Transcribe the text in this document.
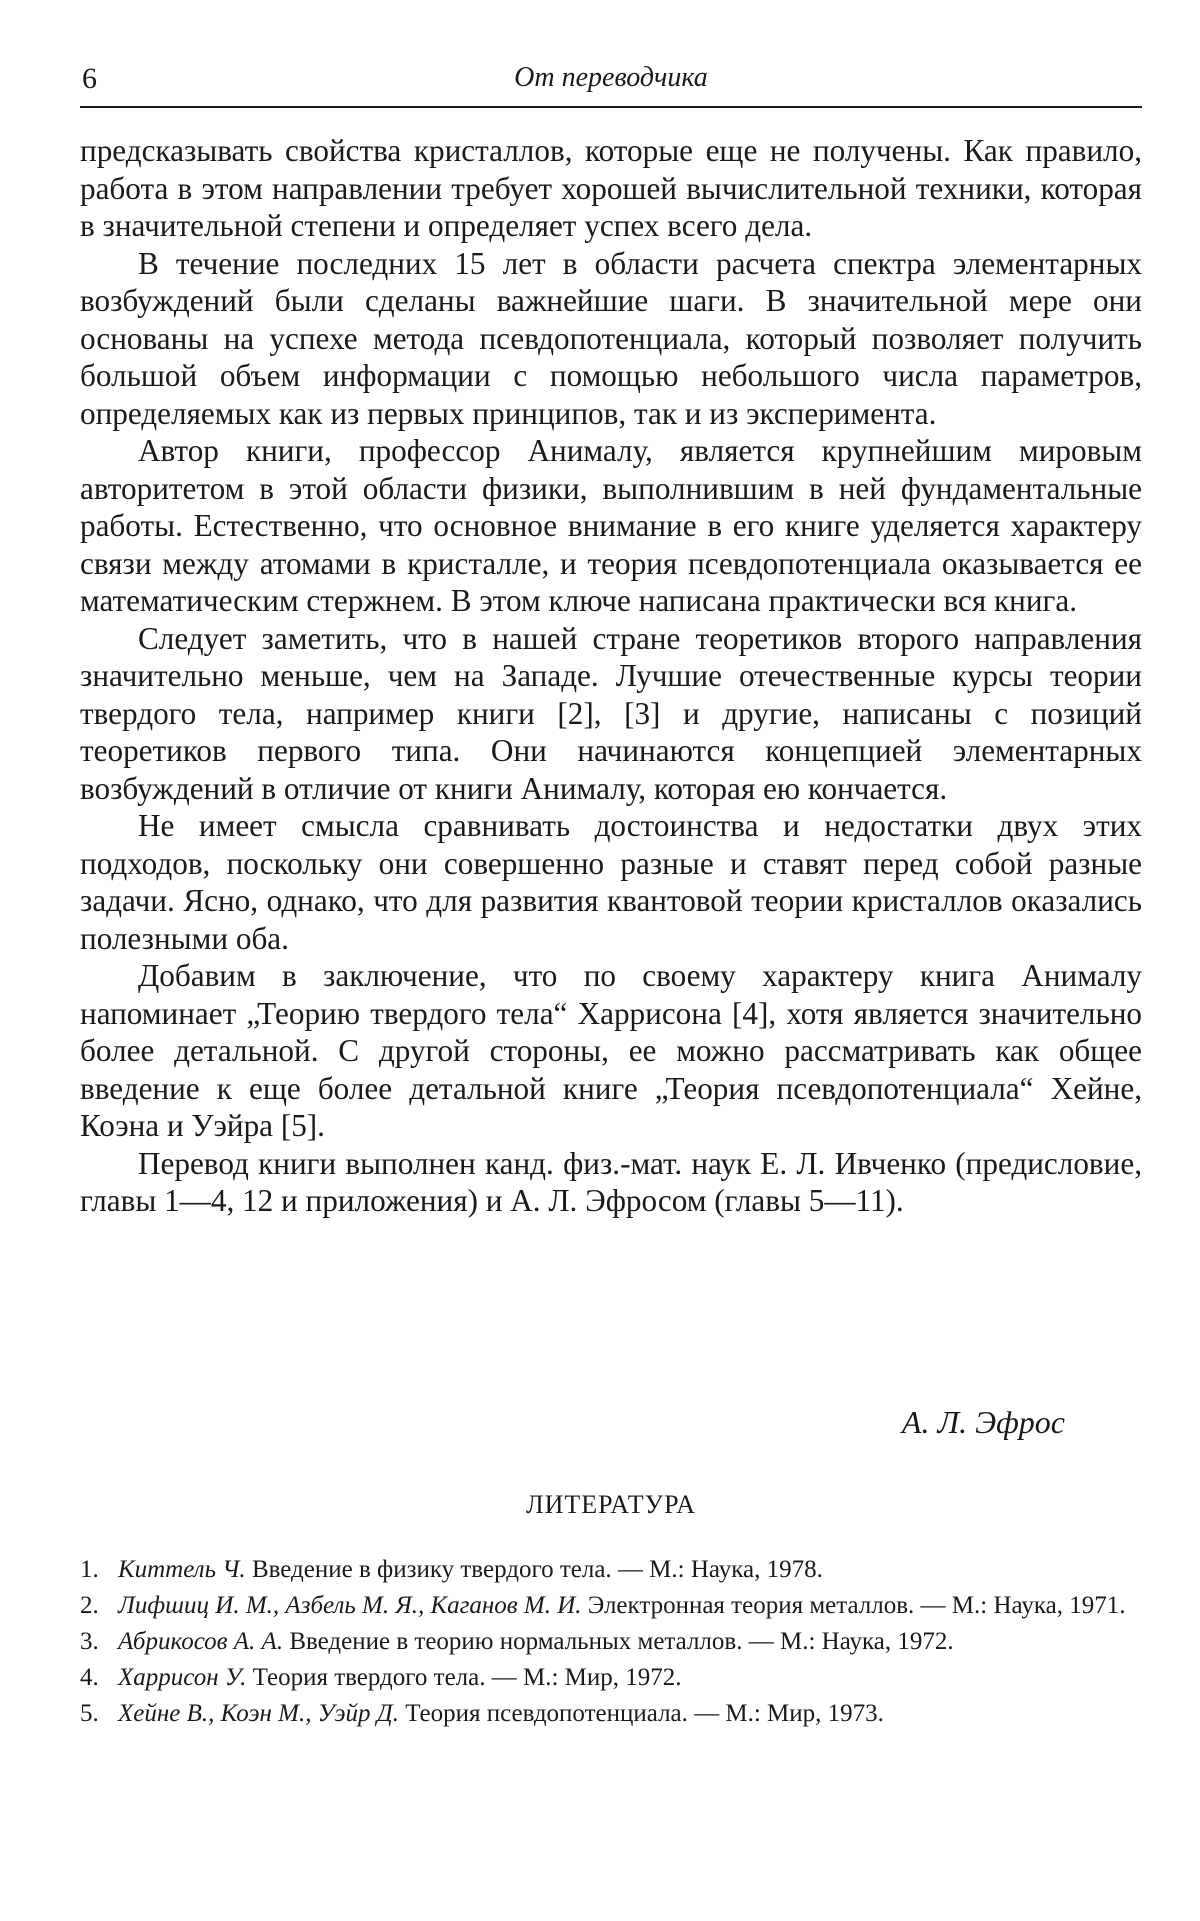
6	От переводчика

предсказывать свойства кристаллов, которые еще не получены. Как правило, работа в этом направлении требует хорошей вычислительной техники, которая в значительной степени и определяет успех всего дела.

В течение последних 15 лет в области расчета спектра элементарных возбуждений были сделаны важнейшие шаги. В значительной мере они основаны на успехе метода псевдопотенциала, который позволяет получить большой объем информации с помощью небольшого числа параметров, определяемых как из первых принципов, так и из эксперимента.

Автор книги, профессор Анималу, является крупнейшим мировым авторитетом в этой области физики, выполнившим в ней фундаментальные работы. Естественно, что основное внимание в его книге уделяется характеру связи между атомами в кристалле, и теория псевдопотенциала оказывается ее математическим стержнем. В этом ключе написана практически вся книга.

Следует заметить, что в нашей стране теоретиков второго направления значительно меньше, чем на Западе. Лучшие отечественные курсы теории твердого тела, например книги [2], [3] и другие, написаны с позиций теоретиков первого типа. Они начинаются концепцией элементарных возбуждений в отличие от книги Анималу, которая ею кончается.

Не имеет смысла сравнивать достоинства и недостатки двух этих подходов, поскольку они совершенно разные и ставят перед собой разные задачи. Ясно, однако, что для развития квантовой теории кристаллов оказались полезными оба.

Добавим в заключение, что по своему характеру книга Анималу напоминает „Теорию твердого тела“ Харрисона [4], хотя является значительно более детальной. С другой стороны, ее можно рассматривать как общее введение к еще более детальной книге „Теория псевдопотенциала“ Хейне, Коэна и Уэйра [5].

Перевод книги выполнен канд. физ.-мат. наук Е. Л. Ивченко (предисловие, главы 1—4, 12 и приложения) и А. Л. Эфросом (главы 5—11).

А. Л. Эфрос
ЛИТЕРАТУРА
1. Киттель Ч. Введение в физику твердого тела. — М.: Наука, 1978.
2. Лифшиц И. М., Азбель М. Я., Каганов М. И. Электронная теория металлов. — М.: Наука, 1971.
3. Абрикосов А. А. Введение в теорию нормальных металлов. — М.: Наука, 1972.
4. Харрисон У. Теория твердого тела. — М.: Мир, 1972.
5. Хейне В., Коэн М., Уэйр Д. Теория псевдопотенциала. — М.: Мир, 1973.
